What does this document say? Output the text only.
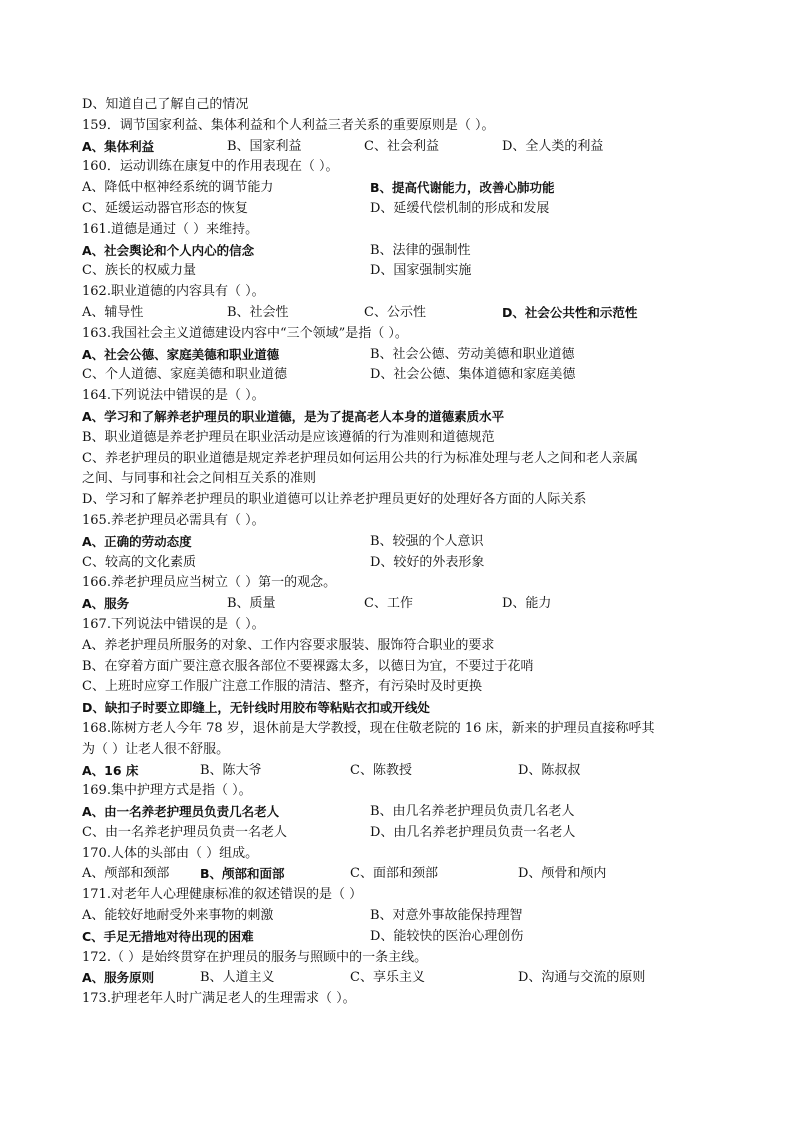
D、知道自己了解自己的情况
159．调节国家利益、集体利益和个人利益三者关系的重要原则是（ ）。
A、集体利益	B、国家利益	C、社会利益	D、全人类的利益
160．运动训练在康复中的作用表现在（ ）。
A、降低中枢神经系统的调节能力	B、提高代谢能力，改善心肺功能
C、延缓运动器官形态的恢复	D、延缓代偿机制的形成和发展
161.道德是通过（ ）来维持。
A、社会舆论和个人内心的信念	B、法律的强制性
C、族长的权威力量	D、国家强制实施
162.职业道德的内容具有（ ）。
A、辅导性	B、社会性	C、公示性	D、社会公共性和示范性
163.我国社会主义道德建设内容中“三个领域”是指（ ）。
A、社会公德、家庭美德和职业道德	B、社会公德、劳动美德和职业道德
C、个人道德、家庭美德和职业道德	D、社会公德、集体道德和家庭美德
164.下列说法中错误的是（ ）。
A、学习和了解养老护理员的职业道德，是为了提高老人本身的道德素质水平
B、职业道德是养老护理员在职业活动是应该遵循的行为准则和道德规范
C、养老护理员的职业道德是规定养老护理员如何运用公共的行为标准处理与老人之间和老人亲属
之间、与同事和社会之间相互关系的准则
D、学习和了解养老护理员的职业道德可以让养老护理员更好的处理好各方面的人际关系
165.养老护理员必需具有（ ）。
A、正确的劳动态度	B、较强的个人意识
C、较高的文化素质	D、较好的外表形象
166.养老护理员应当树立（ ）第一的观念。
A、服务	B、质量	C、工作	D、能力
167.下列说法中错误的是（ ）。
A、养老护理员所服务的对象、工作内容要求服装、服饰符合职业的要求
B、在穿着方面广要注意衣服各部位不要裸露太多，以德日为宜，不要过于花哨
C、上班时应穿工作服广注意工作服的清洁、整齐，有污染时及时更换
D、缺扣子时要立即缝上，无针线时用胶布等粘贴衣扣或开线处
168.陈树方老人今年 78 岁，退休前是大学教授，现在住敬老院的 16 床，新来的护理员直接称呼其
为（ ）让老人很不舒服。
A、16 床	B、陈大爷	C、陈教授	D、陈叔叔
169.集中护理方式是指（ ）。
A、由一名养老护理员负责几名老人	B、由几名养老护理员负责几名老人
C、由一名养老护理员负责一名老人	D、由几名养老护理员负责一名老人
170.人体的头部由（ ）组成。
A、颅部和颈部 B、颅部和面部	C、面部和颈部	D、颅骨和颅内
171.对老年人心理健康标准的叙述错误的是（ ）
A、能较好地耐受外来事物的刺激	B、对意外事故能保持理智
C、手足无措地对待出现的困难	D、能较快的医治心理创伤
172.（ ）是始终贯穿在护理员的服务与照顾中的一条主线。
A、服务原则	B、人道主义	C、享乐主义	D、沟通与交流的原则
173.护理老年人时广满足老人的生理需求（ ）。
